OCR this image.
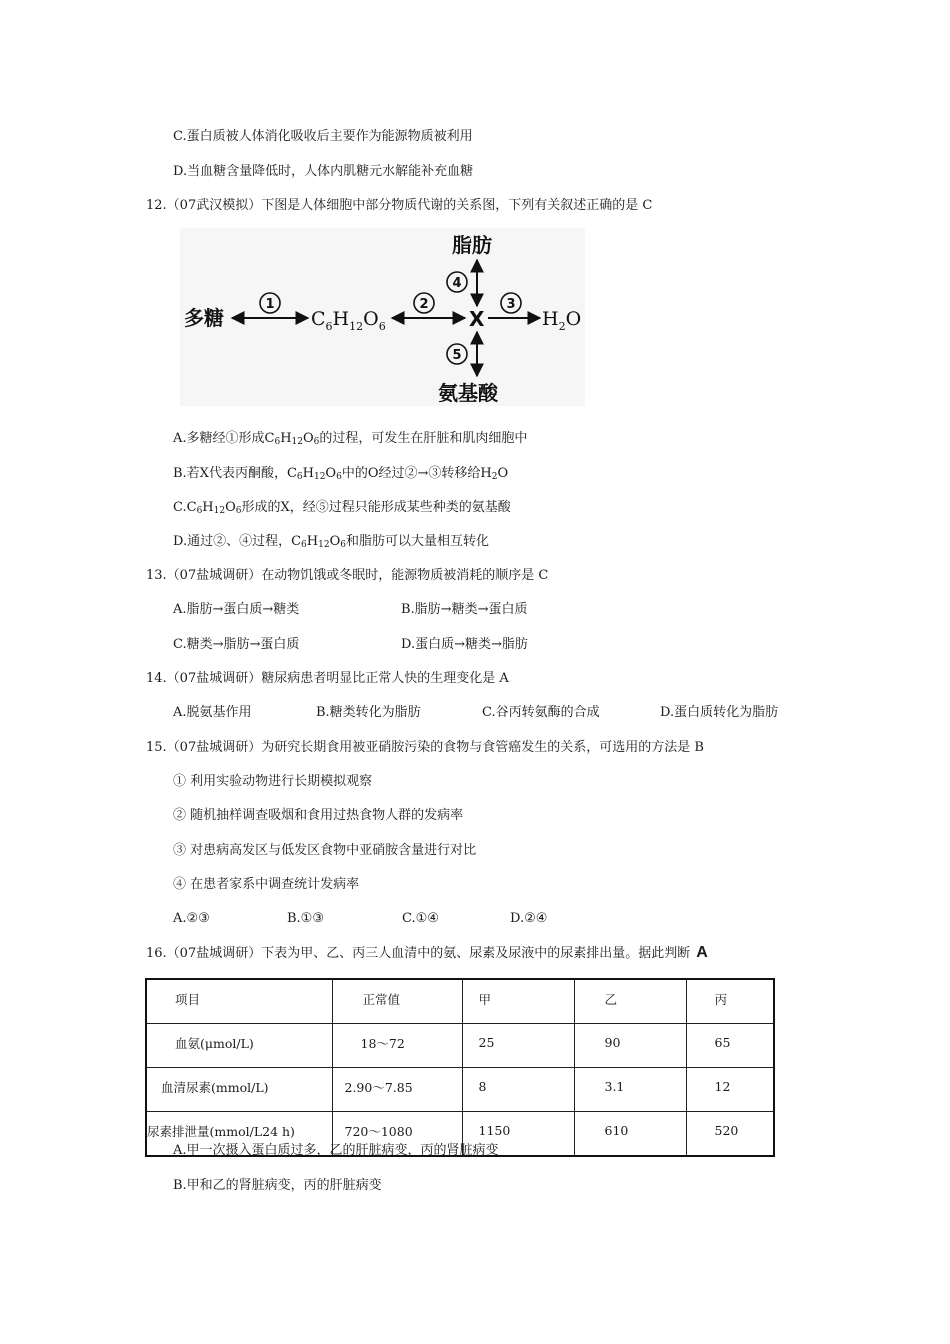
C.蛋白质被人体消化吸收后主要作为能源物质被利用
D.当血糖含量降低时，人体内肌糖元水解能补充血糖
12.（07武汉模拟）下图是人体细胞中部分物质代谢的关系图，下列有关叙述正确的是 C
脂肪
4
多糖
1
$C_6H_{12}O_6$
2
X
3
$H_2O$
5
氨基酸
A.多糖经①形成$C_6H_{12}O_6$的过程，可发生在肝脏和肌肉细胞中
B.若X代表丙酮酸，$C_6H_{12}O_6$中的O经过②→③转移给$H_2O$
$C.C_6H_{12}O_6$形成的X，经⑤过程只能形成某些种类的氨基酸
D.通过②、④过程，$C_6H_{12}O_6$和脂肪可以大量相互转化
13.（07盐城调研）在动物饥饿或冬眠时，能源物质被消耗的顺序是 C
A.脂肪→蛋白质→糖类	B.脂肪→糖类→蛋白质
C.糖类→脂肪→蛋白质	D.蛋白质→糖类→脂肪
14.（07盐城调研）糖尿病患者明显比正常人快的生理变化是 A
A.脱氨基作用	B.糖类转化为脂肪	C.谷丙转氨酶的合成	D.蛋白质转化为脂肪
15.（07盐城调研）为研究长期食用被亚硝胺污染的食物与食管癌发生的关系，可选用的方法是 B
① 利用实验动物进行长期模拟观察
② 随机抽样调查吸烟和食用过热食物人群的发病率
③ 对患病高发区与低发区食物中亚硝胺含量进行对比
④ 在患者家系中调查统计发病率
A.②③	B.①③	C.①④	D.②④
16.（07盐城调研）下表为甲、乙、丙三人血清中的氨、尿素及尿液中的尿素排出量。据此判断 A
项目	正常值	甲	乙	丙
血氨(μmol/L)	18～72	25	90	65
血清尿素(mmol/L)	2.90～7.85	8	3.1	12
尿素排泄量(mmol/L24 h)	720～1080	1150	610	520
A.甲一次摄入蛋白质过多，乙的肝脏病变，丙的肾脏病变
B.甲和乙的肾脏病变，丙的肝脏病变
